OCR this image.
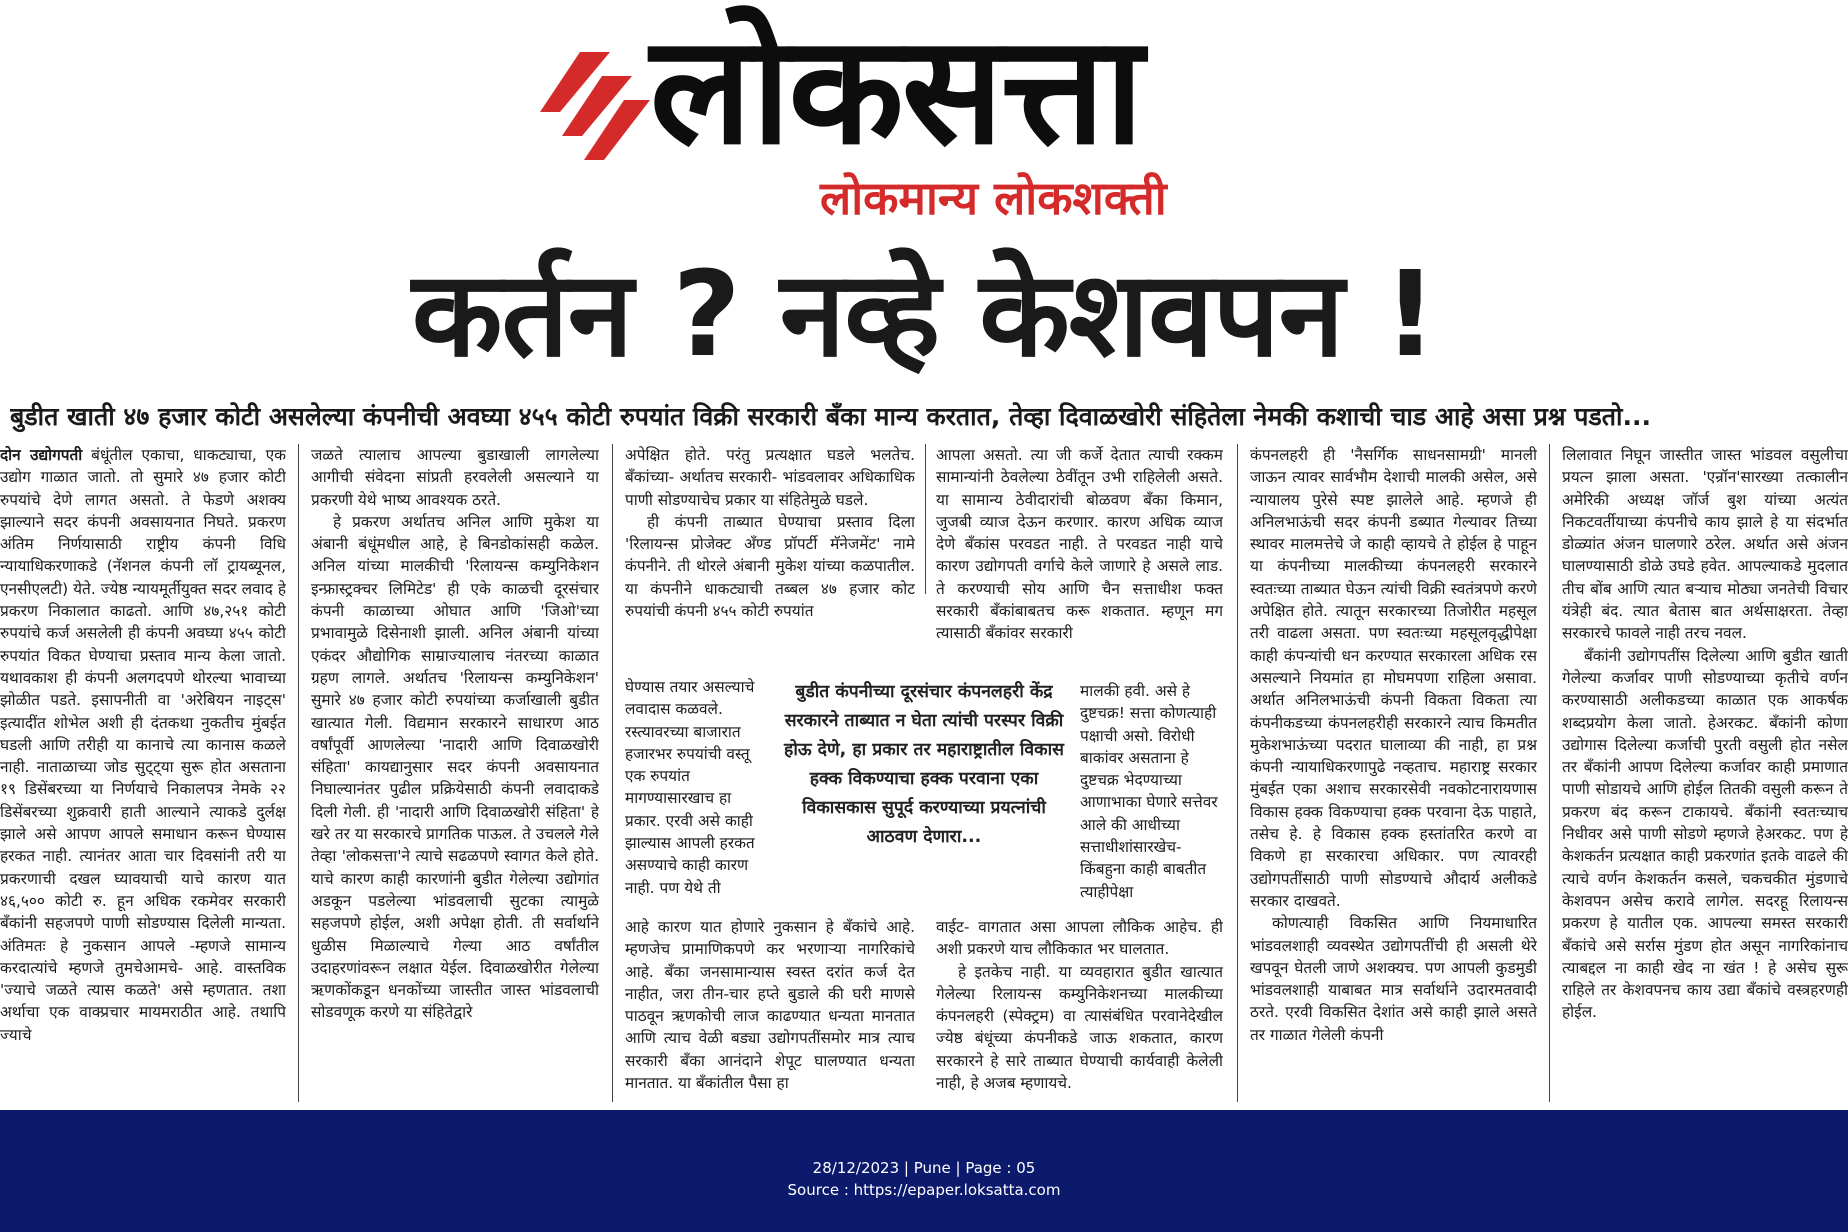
लोकसत्ता
लोकमान्य लोकशक्ती
कर्तन ? नव्हे केशवपन !
बुडीत खाती ४७ हजार कोटी असलेल्या कंपनीची अवघ्या ४५५ कोटी रुपयांत विक्री सरकारी बँका मान्य करतात, तेव्हा दिवाळखोरी संहितेला नेमकी कशाची चाड आहे असा प्रश्न पडतो...

दोन उद्योगपती बंधूंतील एकाचा, धाकट्याचा, एक उद्योग गाळात जातो. तो सुमारे ४७ हजार कोटी रुपयांचे देणे लागत असतो. ते फेडणे अशक्य झाल्याने सदर कंपनी अवसायनात निघते. प्रकरण अंतिम निर्णयासाठी राष्ट्रीय कंपनी विधि न्यायाधिकरणाकडे (नॅशनल कंपनी लॉ ट्रायब्यूनल, एनसीएलटी) येते. ज्येष्ठ न्यायमूर्तीयुक्त सदर लवाद हे प्रकरण निकालात काढतो. आणि ४७,२५१ कोटी रुपयांचे कर्ज असलेली ही कंपनी अवघ्या ४५५ कोटी रुपयांत विकत घेण्याचा प्रस्ताव मान्य केला जातो. यथावकाश ही कंपनी अलगदपणे थोरल्या भावाच्या झोळीत पडते. इसापनीती वा 'अरेबियन नाइट्स' इत्यादींत शोभेल अशी ही दंतकथा नुकतीच मुंबईत घडली आणि तरीही या कानाचे त्या कानास कळले नाही. नाताळाच्या जोड सुट्ट्या सुरू होत असताना १९ डिसेंबरच्या या निर्णयाचे निकालपत्र नेमके २२ डिसेंबरच्या शुक्रवारी हाती आल्याने त्याकडे दुर्लक्ष झाले असे आपण आपले समाधान करून घेण्यास हरकत नाही. त्यानंतर आता चार दिवसांनी तरी या प्रकरणाची दखल घ्यावयाची याचे कारण यात ४६,५०० कोटी रु. हून अधिक रकमेवर सरकारी बँकांनी सहजपणे पाणी सोडण्यास दिलेली मान्यता. अंतिमतः हे नुकसान आपले -म्हणजे सामान्य करदात्यांचे म्हणजे तुमचेआमचे- आहे. वास्तविक 'ज्याचे जळते त्यास कळते' असे म्हणतात. तशा अर्थाचा एक वाक्प्रचार मायमराठीत आहे. तथापि ज्याचे

जळते त्यालाच आपल्या बुडाखाली लागलेल्या आगीची संवेदना सांप्रती हरवलेली असल्याने या प्रकरणी येथे भाष्य आवश्यक ठरते.

हे प्रकरण अर्थातच अनिल आणि मुकेश या अंबानी बंधूंमधील आहे, हे बिनडोकांसही कळेल. अनिल यांच्या मालकीची 'रिलायन्स कम्युनिकेशन इन्फ्रास्ट्रक्चर लिमिटेड' ही एके काळची दूरसंचार कंपनी काळाच्या ओघात आणि 'जिओ'च्या प्रभावामुळे दिसेनाशी झाली. अनिल अंबानी यांच्या एकंदर औद्योगिक साम्राज्यालाच नंतरच्या काळात ग्रहण लागले. अर्थातच 'रिलायन्स कम्युनिकेशन' सुमारे ४७ हजार कोटी रुपयांच्या कर्जाखाली बुडीत खात्यात गेली. विद्यमान सरकारने साधारण आठ वर्षांपूर्वी आणलेल्या 'नादारी आणि दिवाळखोरी संहिता' कायद्यानुसार सदर कंपनी अवसायनात निघाल्यानंतर पुढील प्रक्रियेसाठी कंपनी लवादाकडे दिली गेली. ही 'नादारी आणि दिवाळखोरी संहिता' हे खरे तर या सरकारचे प्रागतिक पाऊल. ते उचलले गेले तेव्हा 'लोकसत्ता'ने त्याचे सढळपणे स्वागत केले होते. याचे कारण काही कारणांनी बुडीत गेलेल्या उद्योगांत अडकून पडलेल्या भांडवलाची सुटका त्यामुळे सहजपणे होईल, अशी अपेक्षा होती. ती सर्वार्थाने धुळीस मिळाल्याचे गेल्या आठ वर्षांतील उदाहरणांवरून लक्षात येईल. दिवाळखोरीत गेलेल्या ऋणकोंकडून धनकोंच्या जास्तीत जास्त भांडवलाची सोडवणूक करणे या संहितेद्वारे

कंपनलहरी ही 'नैसर्गिक साधनसामग्री' मानली जाऊन त्यावर सार्वभौम देशाची मालकी असेल, असे न्यायालय पुरेसे स्पष्ट झालेले आहे. म्हणजे ही अनिलभाऊंची सदर कंपनी डब्यात गेल्यावर तिच्या स्थावर मालमत्तेचे जे काही व्हायचे ते होईल हे पाहून या कंपनीच्या मालकीच्या कंपनलहरी सरकारने स्वतःच्या ताब्यात घेऊन त्यांची विक्री स्वतंत्रपणे करणे अपेक्षित होते. त्यातून सरकारच्या तिजोरीत महसूल तरी वाढला असता. पण स्वतःच्या महसूलवृद्धीपेक्षा काही कंपन्यांची धन करण्यात सरकारला अधिक रस असल्याने नियमांत हा मोघमपणा राहिला असावा. अर्थात अनिलभाऊंची कंपनी विकता विकता त्या कंपनीकडच्या कंपनलहरीही सरकारने त्याच किमतीत मुकेशभाऊंच्या पदरात घालाव्या की नाही, हा प्रश्न कंपनी न्यायाधिकरणापुढे नव्हताच. महाराष्ट्र सरकार मुंबईत एका अशाच सरकारसेवी नवकोटनारायणास विकास हक्क विकण्याचा हक्क परवाना देऊ पाहाते, तसेच हे. हे विकास हक्क हस्तांतरित करणे वा विकणे हा सरकारचा अधिकार. पण त्यावरही उद्योगपतींसाठी पाणी सोडण्याचे औदार्य अलीकडे सरकार दाखवते.

कोणत्याही विकसित आणि नियमाधारित भांडवलशाही व्यवस्थेत उद्योगपतींची ही असली थेरे खपवून घेतली जाणे अशक्यच. पण आपली कुडमुडी भांडवलशाही याबाबत मात्र सर्वार्थाने उदारमतवादी ठरते. एरवी विकसित देशांत असे काही झाले असते तर गाळात गेलेली कंपनी

लिलावात निघून जास्तीत जास्त भांडवल वसुलीचा प्रयत्न झाला असता. 'एन्रॉन'सारख्या तत्कालीन अमेरिकी अध्यक्ष जॉर्ज बुश यांच्या अत्यंत निकटवर्तीयाच्या कंपनीचे काय झाले हे या संदर्भात डोळ्यांत अंजन घालणारे ठरेल. अर्थात असे अंजन घालण्यासाठी डोळे उघडे हवेत. आपल्याकडे मुदलात तीच बोंब आणि त्यात बऱ्याच मोठ्या जनतेची विचार यंत्रेही बंद. त्यात बेतास बात अर्थसाक्षरता. तेव्हा सरकारचे फावले नाही तरच नवल.

बँकांनी उद्योगपतींस दिलेल्या आणि बुडीत खाती गेलेल्या कर्जावर पाणी सोडण्याच्या कृतीचे वर्णन करण्यासाठी अलीकडच्या काळात एक आकर्षक शब्दप्रयोग केला जातो. हेअरकट. बँकांनी कोणा उद्योगास दिलेल्या कर्जाची पुरती वसुली होत नसेल तर बँकांनी आपण दिलेल्या कर्जावर काही प्रमाणात पाणी सोडायचे आणि होईल तितकी वसुली करून ते प्रकरण बंद करून टाकायचे. बँकांनी स्वतःच्याच निधीवर असे पाणी सोडणे म्हणजे हेअरकट. पण हे केशकर्तन प्रत्यक्षात काही प्रकरणांत इतके वाढले की त्याचे वर्णन केशकर्तन कसले, चकचकीत मुंडणाचे केशवपन असेच करावे लागेल. सदरहू रिलायन्स प्रकरण हे यातील एक. आपल्या समस्त सरकारी बँकांचे असे सर्रास मुंडण होत असून नागरिकांनाच त्याबद्दल ना काही खेद ना खंत ! हे असेच सुरू राहिले तर केशवपनच काय उद्या बँकांचे वस्त्रहरणही होईल.

अपेक्षित होते. परंतु प्रत्यक्षात घडले भलतेच. बँकांच्या- अर्थातच सरकारी- भांडवलावर अधिकाधिक पाणी सोडण्याचेच प्रकार या संहितेमुळे घडले.

ही कंपनी ताब्यात घेण्याचा प्रस्ताव दिला 'रिलायन्स प्रोजेक्ट अँण्ड प्रॉपर्टी मॅनेजमेंट' नामे कंपनीने. ती थोरले अंबानी मुकेश यांच्या कळपातील. या कंपनीने धाकट्याची तब्बल ४७ हजार कोट रुपयांची कंपनी ४५५ कोटी रुपयांत

घेण्यास तयार असल्याचे लवादास कळवले. रस्त्यावरच्या बाजारात हजारभर रुपयांची वस्तू एक रुपयांत मागण्यासारखाच हा प्रकार. एरवी असे काही झाल्यास आपली हरकत असण्याचे काही कारण नाही. पण येथे ती

आहे कारण यात होणारे नुकसान हे बँकांचे आहे. म्हणजेच प्रामाणिकपणे कर भरणाऱ्या नागरिकांचे आहे. बँका जनसामान्यास स्वस्त दरांत कर्ज देत नाहीत, जरा तीन-चार हप्ते बुडाले की घरी माणसे पाठवून ऋणकोची लाज काढण्यात धन्यता मानतात आणि त्याच वेळी बड्या उद्योगपतींसमोर मात्र त्याच सरकारी बँका आनंदाने शेपूट घालण्यात धन्यता मानतात. या बँकांतील पैसा हा

आपला असतो. त्या जी कर्जे देतात त्याची रक्कम सामान्यांनी ठेवलेल्या ठेवींतून उभी राहिलेली असते. या सामान्य ठेवीदारांची बोळवण बँका किमान, जुजबी व्याज देऊन करणार. कारण अधिक व्याज देणे बँकांस परवडत नाही. ते परवडत नाही याचे कारण उद्योगपती वर्गाचे केले जाणारे हे असले लाड. ते करण्याची सोय आणि चैन सत्ताधीश फक्त सरकारी बँकांबाबतच करू शकतात. म्हणून मग त्यासाठी बँकांवर सरकारी

मालकी हवी. असे हे दुष्टचक्र! सत्ता कोणत्याही पक्षाची असो. विरोधी बाकांवर असताना हे दुष्टचक्र भेदण्याच्या आणाभाका घेणारे सत्तेवर आले की आधीच्या सत्ताधीशांसारखेच- किंबहुना काही बाबतीत त्याहीपेक्षा

वाईट- वागतात असा आपला लौकिक आहेच. ही अशी प्रकरणे याच लौकिकात भर घालतात.

हे इतकेच नाही. या व्यवहारात बुडीत खात्यात गेलेल्या रिलायन्स कम्युनिकेशनच्या मालकीच्या कंपनलहरी (स्पेक्ट्रम) वा त्यासंबंधित परवानेदेखील ज्येष्ठ बंधूंच्या कंपनीकडे जाऊ शकतात, कारण सरकारने हे सारे ताब्यात घेण्याची कार्यवाही केलेली नाही, हे अजब म्हणायचे.

बुडीत कंपनीच्या दूरसंचार कंपनलहरी केंद्र सरकारने ताब्यात न घेता त्यांची परस्पर विक्री होऊ देणे, हा प्रकार तर महाराष्ट्रातील विकास हक्क विकण्याचा हक्क परवाना एका विकासकास सुपूर्द करण्याच्या प्रयत्नांची आठवण देणारा...
28/12/2023 | Pune | Page : 05
Source : https://epaper.loksatta.com
